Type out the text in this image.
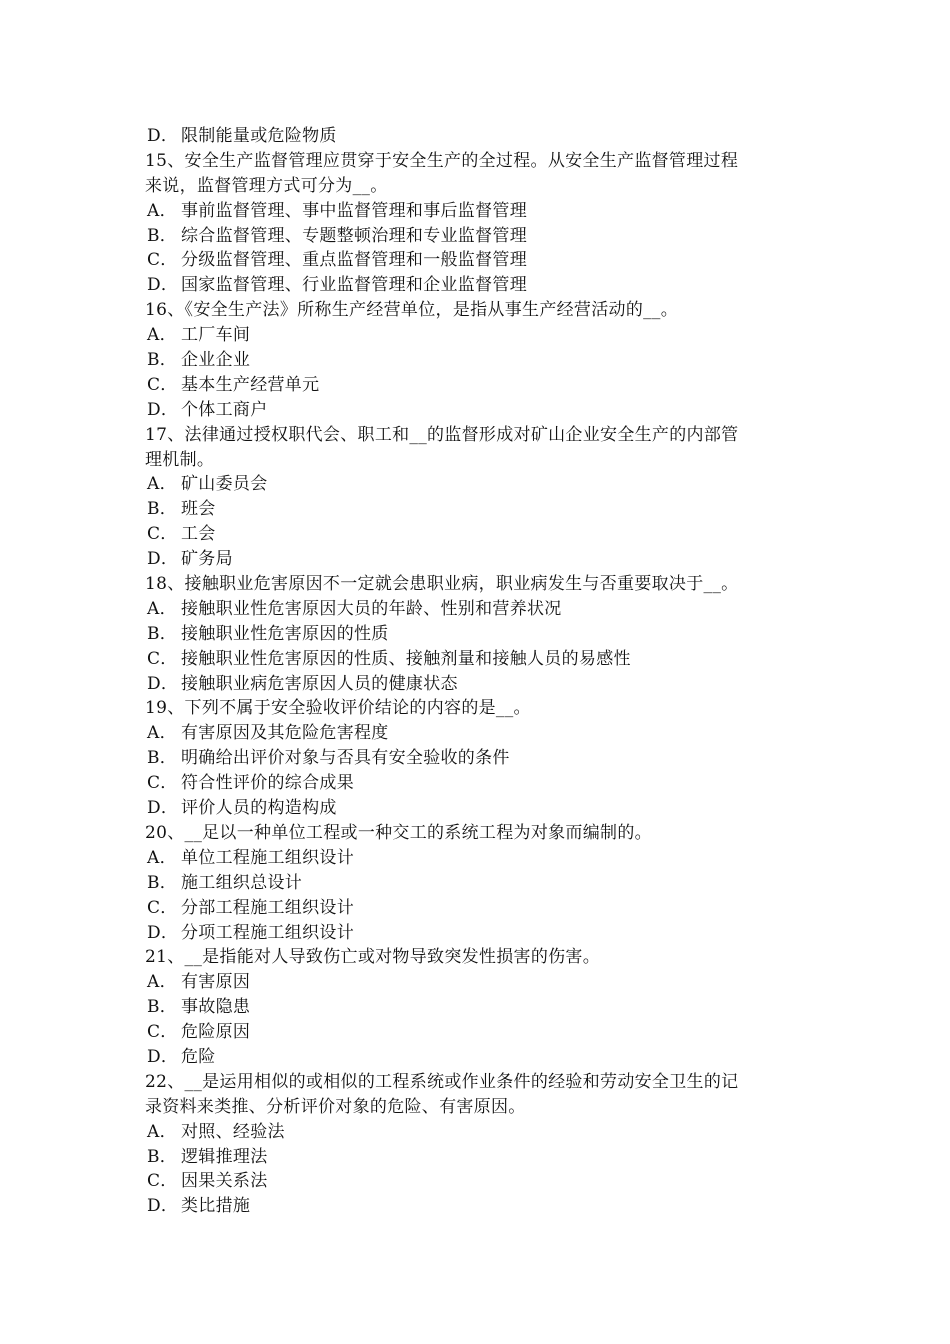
D． 限制能量或危险物质
15、安全生产监督管理应贯穿于安全生产的全过程。从安全生产监督管理过程
来说，监督管理方式可分为__。
A． 事前监督管理、事中监督管理和事后监督管理
B． 综合监督管理、专题整顿治理和专业监督管理
C． 分级监督管理、重点监督管理和一般监督管理
D． 国家监督管理、行业监督管理和企业监督管理
16、《安全生产法》所称生产经营单位，是指从事生产经营活动的__。
A． 工厂车间
B． 企业企业
C． 基本生产经营单元
D． 个体工商户
17、法律通过授权职代会、职工和__的监督形成对矿山企业安全生产的内部管
理机制。
A． 矿山委员会
B． 班会
C． 工会
D． 矿务局
18、接触职业危害原因不一定就会患职业病，职业病发生与否重要取决于__。
A． 接触职业性危害原因大员的年龄、性别和营养状况
B． 接触职业性危害原因的性质
C． 接触职业性危害原因的性质、接触剂量和接触人员的易感性
D． 接触职业病危害原因人员的健康状态
19、下列不属于安全验收评价结论的内容的是__。
A． 有害原因及其危险危害程度
B． 明确给出评价对象与否具有安全验收的条件
C． 符合性评价的综合成果
D． 评价人员的构造构成
20、__足以一种单位工程或一种交工的系统工程为对象而编制的。
A． 单位工程施工组织设计
B． 施工组织总设计
C． 分部工程施工组织设计
D． 分项工程施工组织设计
21、__是指能对人导致伤亡或对物导致突发性损害的伤害。
A． 有害原因
B． 事故隐患
C． 危险原因
D． 危险
22、__是运用相似的或相似的工程系统或作业条件的经验和劳动安全卫生的记
录资料来类推、分析评价对象的危险、有害原因。
A． 对照、经验法
B． 逻辑推理法
C． 因果关系法
D． 类比措施
